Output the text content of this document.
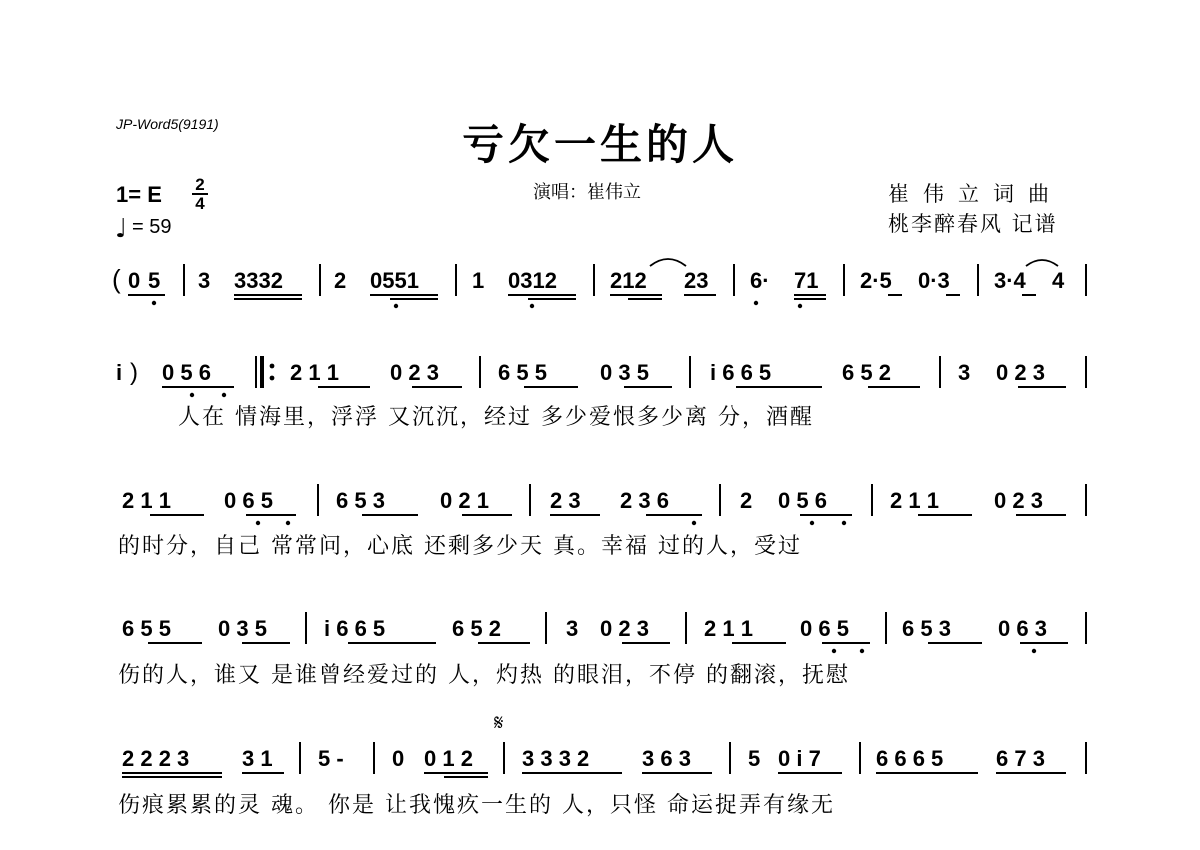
JP-Word5(9191)	亏欠一生的人
演唱：崔伟立	崔伟立词曲
桃李醉春风 记谱
1= E	2
4
♩ = 59
( 0 5 3 3332 2 0551 1 0312 212 23 6· 71 2·5 0·3 3·4 4
i ) 0 5 6	2 1 1 0 2 3	6 5 5 0 3 5	i 6 6 5	6 5 2	3 0 2 3
人在 情海里，浮浮 又沉沉，经过 多少爱恨多少离 分，酒醒
2 1 1 0 6 5	6 5 3	0 2 1	2 3 2 3 6	2 0 5 6	2 1 1	0 2 3
的时分，自己 常常问，心底 还剩多少天 真。幸福 过的人，受过
6 5 5 0 3 5	i 6 6 5	6 5 2	3 0 2 3	2 1 1 0 6 5 6 5 3 0 6 3
伤的人，谁又 是谁曾经爱过的 人，灼热 的眼泪，不停 的翻滚，抚慰
𝄋
2 2 2 3 3 1 5 - 0 0 1 2 3 3 3 2 3 6 3	5 0 i 7	6 6 6 5 6 7 3
伤痕累累的灵 魂。 你是 让我愧疚一生的 人，只怪 命运捉弄有缘无
